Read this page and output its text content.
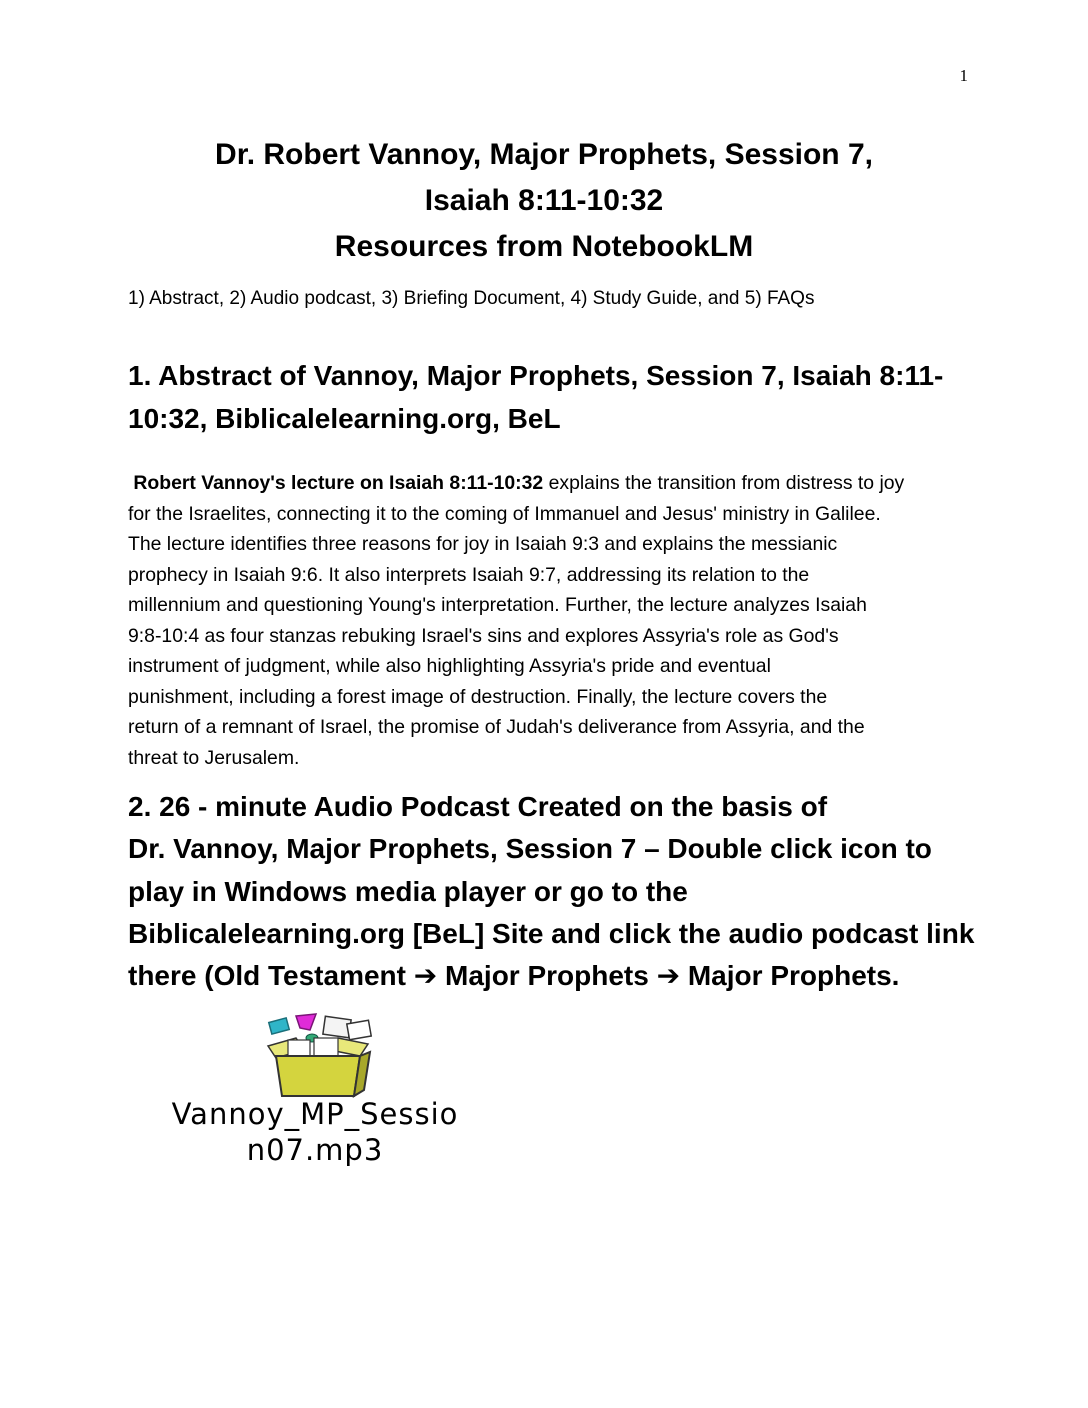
1
Dr. Robert Vannoy, Major Prophets, Session 7,
Isaiah 8:11-10:32
Resources from NotebookLM
1) Abstract, 2) Audio podcast, 3) Briefing Document, 4) Study Guide, and 5) FAQs
1. Abstract of Vannoy, Major Prophets, Session 7, Isaiah 8:11-
10:32, Biblicalelearning.org, BeL
Robert Vannoy's lecture on Isaiah 8:11-10:32 explains the transition from distress to joy
for the Israelites, connecting it to the coming of Immanuel and Jesus' ministry in Galilee.
The lecture identifies three reasons for joy in Isaiah 9:3 and explains the messianic
prophecy in Isaiah 9:6. It also interprets Isaiah 9:7, addressing its relation to the
millennium and questioning Young's interpretation. Further, the lecture analyzes Isaiah
9:8-10:4 as four stanzas rebuking Israel's sins and explores Assyria's role as God's
instrument of judgment, while also highlighting Assyria's pride and eventual
punishment, including a forest image of destruction. Finally, the lecture covers the
return of a remnant of Israel, the promise of Judah's deliverance from Assyria, and the
threat to Jerusalem.
2. 26 - minute Audio Podcast Created on the basis of
Dr. Vannoy, Major Prophets, Session 7 – Double click icon to
play in Windows media player or go to the
Biblicalelearning.org [BeL] Site and click the audio podcast link
there (Old Testament ➔ Major Prophets ➔ Major Prophets.
Vannoy_MP_Sessio
n07.mp3
